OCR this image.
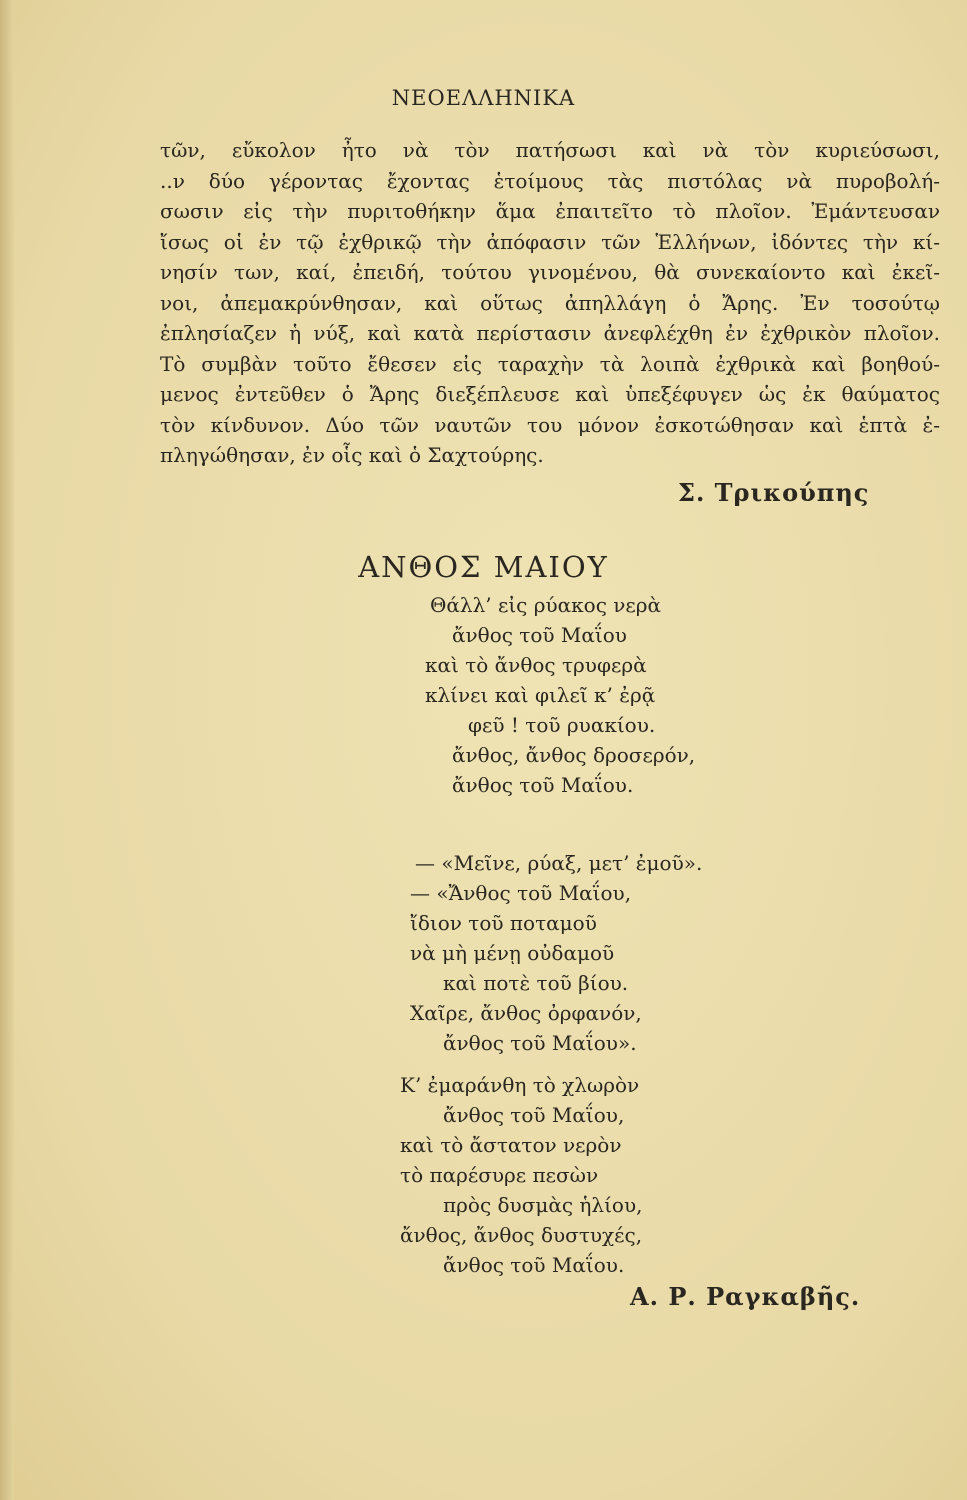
ΝΕΟΕΛΛΗΝΙΚΑ
τῶν, εὔκολον ἦτο νὰ τὸν πατήσωσι καὶ νὰ τὸν κυριεύσωσι,
..ν δύο γέροντας ἔχοντας ἑτοίμους τὰς πιστόλας νὰ πυροβολή-
σωσιν εἰς τὴν πυριτοθήκην ἅμα ἐπαιτεῖτο τὸ πλοῖον. Ἐμάντευσαν
ἴσως οἱ ἐν τῷ ἐχθρικῷ τὴν ἀπόφασιν τῶν Ἑλλήνων, ἰδόντες τὴν κί-
νησίν των, καί, ἐπειδή, τούτου γινομένου, θὰ συνεκαίοντο καὶ ἐκεῖ-
νοι, ἀπεμακρύνθησαν, καὶ οὕτως ἀπηλλάγη ὁ Ἄρης. Ἐν τοσούτῳ
ἐπλησίαζεν ἡ νύξ, καὶ κατὰ περίστασιν ἀνεφλέχθη ἐν ἐχθρικὸν πλοῖον.
Τὸ συμβὰν τοῦτο ἔθεσεν εἰς ταραχὴν τὰ λοιπὰ ἐχθρικὰ καὶ βοηθού-
μενος ἐντεῦθεν ὁ Ἄρης διεξέπλευσε καὶ ὑπεξέφυγεν ὡς ἐκ θαύματος
τὸν κίνδυνον. Δύο τῶν ναυτῶν του μόνον ἐσκοτώθησαν καὶ ἑπτὰ ἐ-
πληγώθησαν, ἐν οἷς καὶ ὁ Σαχτούρης.
Σ. Τρικούπης
ΑΝΘΟΣ ΜΑΙΟΥ
Θάλλ’ εἰς ρύακος νερὰ
ἄνθος τοῦ Μαΐου
καὶ τὸ ἄνθος τρυφερὰ
κλίνει καὶ φιλεῖ κ’ ἐρᾷ
φεῦ ! τοῦ ρυακίου.
ἄνθος, ἄνθος δροσερόν,
ἄνθος τοῦ Μαΐου.
— «Μεῖνε, ρύαξ, μετ’ ἐμοῦ».
— «Ἄνθος τοῦ Μαΐου,
ἴδιον τοῦ ποταμοῦ
νὰ μὴ μένῃ οὐδαμοῦ
καὶ ποτὲ τοῦ βίου.
Χαῖρε, ἄνθος ὀρφανόν,
ἄνθος τοῦ Μαΐου».
Κ’ ἐμαράνθη τὸ χλωρὸν
ἄνθος τοῦ Μαΐου,
καὶ τὸ ἄστατον νερὸν
τὸ παρέσυρε πεσὼν
πρὸς δυσμὰς ἡλίου,
ἄνθος, ἄνθος δυστυχές,
ἄνθος τοῦ Μαΐου.
Α. Ρ. Ραγκαβῆς.
